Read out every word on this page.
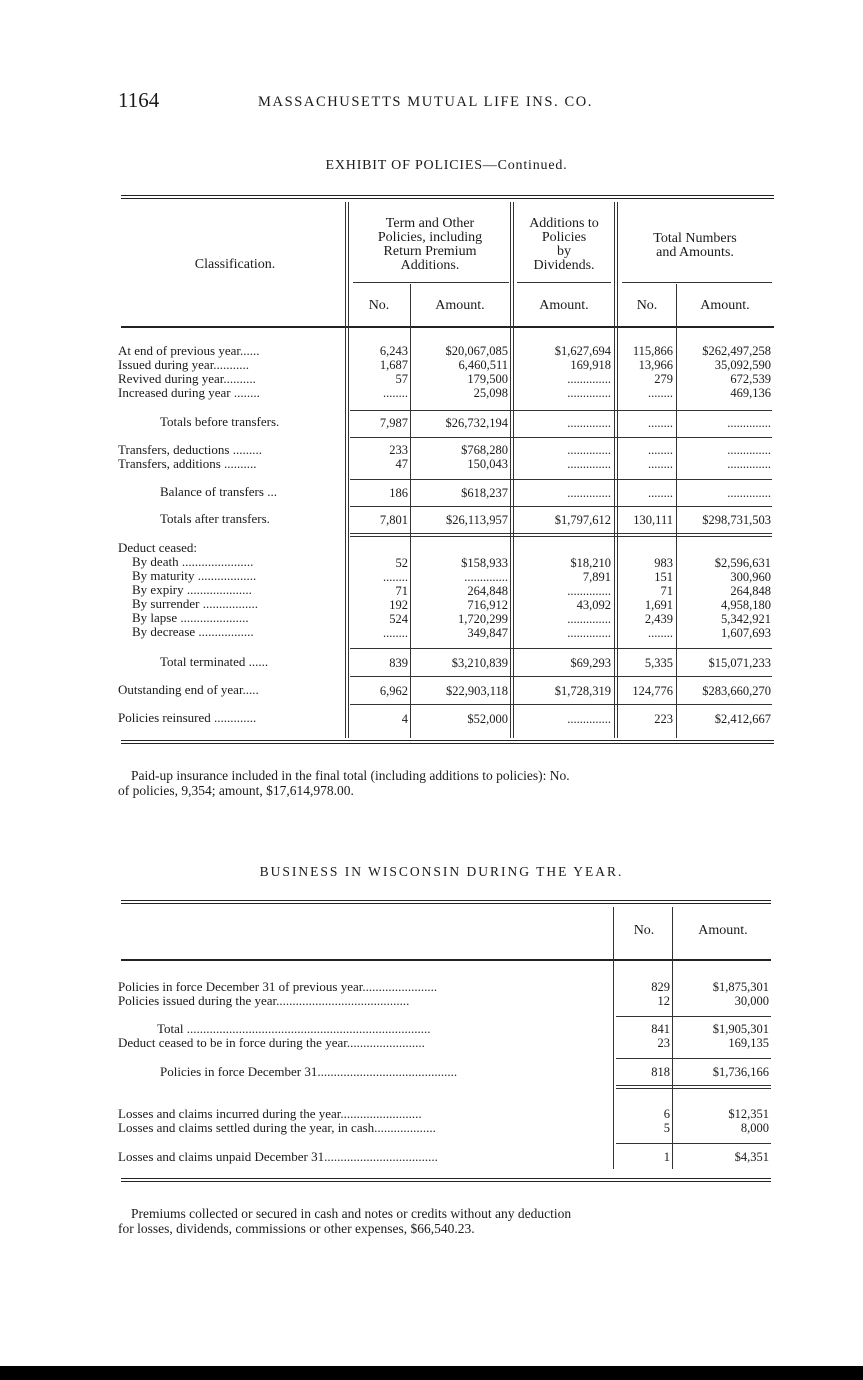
1164	MASSACHUSETTS MUTUAL LIFE INS. CO.
EXHIBIT OF POLICIES—Continued.
Classification.
Term and Other
Policies, including
Return Premium
Additions.
Additions to
Policies
by
Dividends.
Total Numbers
and Amounts.
No.	Amount.	Amount.	No.	Amount.
At end of previous year......	6,243	$20,067,085	$1,627,694	115,866	$262,497,258
Issued during year...........	1,687	6,460,511	169,918	13,966	35,092,590
Revived during year..........	57	179,500	..............	279	672,539
Increased during year ........	........	25,098	..............	........	469,136
Totals before transfers.	7,987	$26,732,194	..............	........	..............
Transfers, deductions .........	233	$768,280	..............	........	..............
Transfers, additions ..........	47	150,043	..............	........	..............
Balance of transfers ...	186	$618,237	..............	........	..............
Totals after transfers.	7,801	$26,113,957	$1,797,612	130,111	$298,731,503
Deduct ceased:
By death ......................	52	$158,933	$18,210	983	$2,596,631
By maturity ..................	........	..............	7,891	151	300,960
By expiry ....................	71	264,848	..............	71	264,848
By surrender .................	192	716,912	43,092	1,691	4,958,180
By lapse .....................	524	1,720,299	..............	2,439	5,342,921
By decrease .................	........	349,847	..............	........	1,607,693
Total terminated ......	839	$3,210,839	$69,293	5,335	$15,071,233
Outstanding end of year.....	6,962	$22,903,118	$1,728,319	124,776	$283,660,270
Policies reinsured .............	4	$52,000	..............	223	$2,412,667
Paid-up insurance included in the final total (including additions to policies): No.
of policies, 9,354; amount, $17,614,978.00.
BUSINESS IN WISCONSIN DURING THE YEAR.
No.	Amount.
Policies in force December 31 of previous year.......................	829	$1,875,301
Policies issued during the year.........................................	12	30,000
Total ...........................................................................	841	$1,905,301
Deduct ceased to be in force during the year........................	23	169,135
Policies in force December 31...........................................	818	$1,736,166
Losses and claims incurred during the year.........................	6	$12,351
Losses and claims settled during the year, in cash...................	5	8,000
Losses and claims unpaid December 31...................................	1	$4,351
Premiums collected or secured in cash and notes or credits without any deduction
for losses, dividends, commissions or other expenses, $66,540.23.
